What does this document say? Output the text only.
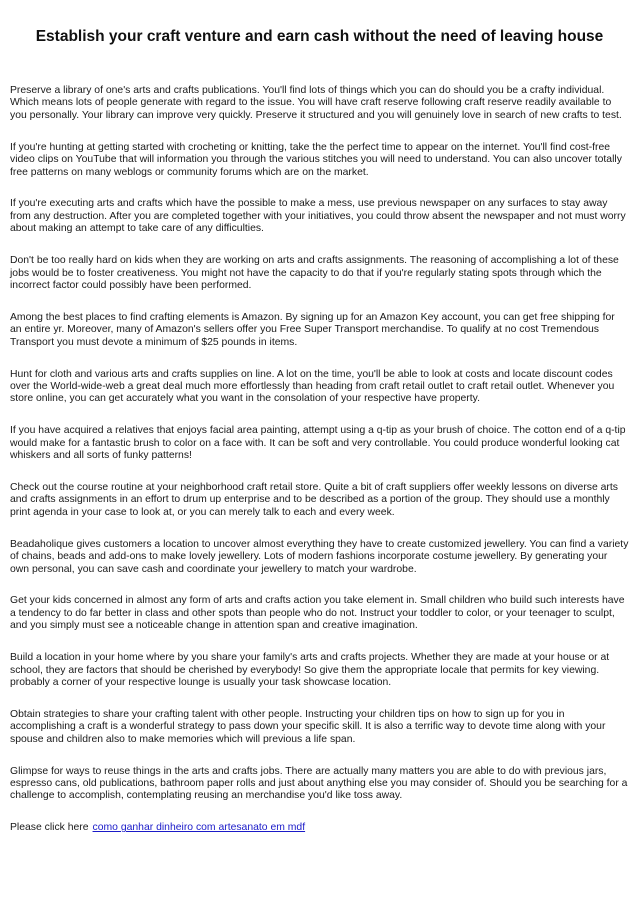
Establish your craft venture and earn cash without the need of leaving house

Preserve a library of one's arts and crafts publications. You'll find lots of things which you can do should you be a crafty individual. Which means lots of people generate with regard to the issue. You will have craft reserve following craft reserve readily available to you personally. Your library can improve very quickly. Preserve it structured and you will genuinely love in search of new crafts to test.

If you're hunting at getting started with crocheting or knitting, take the the perfect time to appear on the internet. You'll find cost-free video clips on YouTube that will information you through the various stitches you will need to understand. You can also uncover totally free patterns on many weblogs or community forums which are on the market.

If you're executing arts and crafts which have the possible to make a mess, use previous newspaper on any surfaces to stay away from any destruction. After you are completed together with your initiatives, you could throw absent the newspaper and not must worry about making an attempt to take care of any difficulties.

Don't be too really hard on kids when they are working on arts and crafts assignments. The reasoning of accomplishing a lot of these jobs would be to foster creativeness. You might not have the capacity to do that if you're regularly stating spots through which the incorrect factor could possibly have been performed.

Among the best places to find crafting elements is Amazon. By signing up for an Amazon Key account, you can get free shipping for an entire yr. Moreover, many of Amazon's sellers offer you Free Super Transport merchandise. To qualify at no cost Tremendous Transport you must devote a minimum of $25 pounds in items.

Hunt for cloth and various arts and crafts supplies on line. A lot on the time, you'll be able to look at costs and locate discount codes over the World-wide-web a great deal much more effortlessly than heading from craft retail outlet to craft retail outlet. Whenever you store online, you can get accurately what you want in the consolation of your respective have property.

If you have acquired a relatives that enjoys facial area painting, attempt using a q-tip as your brush of choice. The cotton end of a q-tip would make for a fantastic brush to color on a face with. It can be soft and very controllable. You could produce wonderful looking cat whiskers and all sorts of funky patterns!

Check out the course routine at your neighborhood craft retail store. Quite a bit of craft suppliers offer weekly lessons on diverse arts and crafts assignments in an effort to drum up enterprise and to be described as a portion of the group. They should use a monthly print agenda in your case to look at, or you can merely talk to each and every week.

Beadaholique gives customers a location to uncover almost everything they have to create customized jewellery. You can find a variety of chains, beads and add-ons to make lovely jewellery. Lots of modern fashions incorporate costume jewellery. By generating your own personal, you can save cash and coordinate your jewellery to match your wardrobe.

Get your kids concerned in almost any form of arts and crafts action you take element in. Small children who build such interests have a tendency to do far better in class and other spots than people who do not. Instruct your toddler to color, or your teenager to sculpt, and you simply must see a noticeable change in attention span and creative imagination.

Build a location in your home where by you share your family's arts and crafts projects. Whether they are made at your house or at school, they are factors that should be cherished by everybody! So give them the appropriate locale that permits for key viewing. probably a corner of your respective lounge is usually your task showcase location.

Obtain strategies to share your crafting talent with other people. Instructing your children tips on how to sign up for you in accomplishing a craft is a wonderful strategy to pass down your specific skill. It is also a terrific way to devote time along with your spouse and children also to make memories which will previous a life span.

Glimpse for ways to reuse things in the arts and crafts jobs. There are actually many matters you are able to do with previous jars, espresso cans, old publications, bathroom paper rolls and just about anything else you may consider of. Should you be searching for a challenge to accomplish, contemplating reusing an merchandise you'd like toss away.

Please click here como ganhar dinheiro com artesanato em mdf
